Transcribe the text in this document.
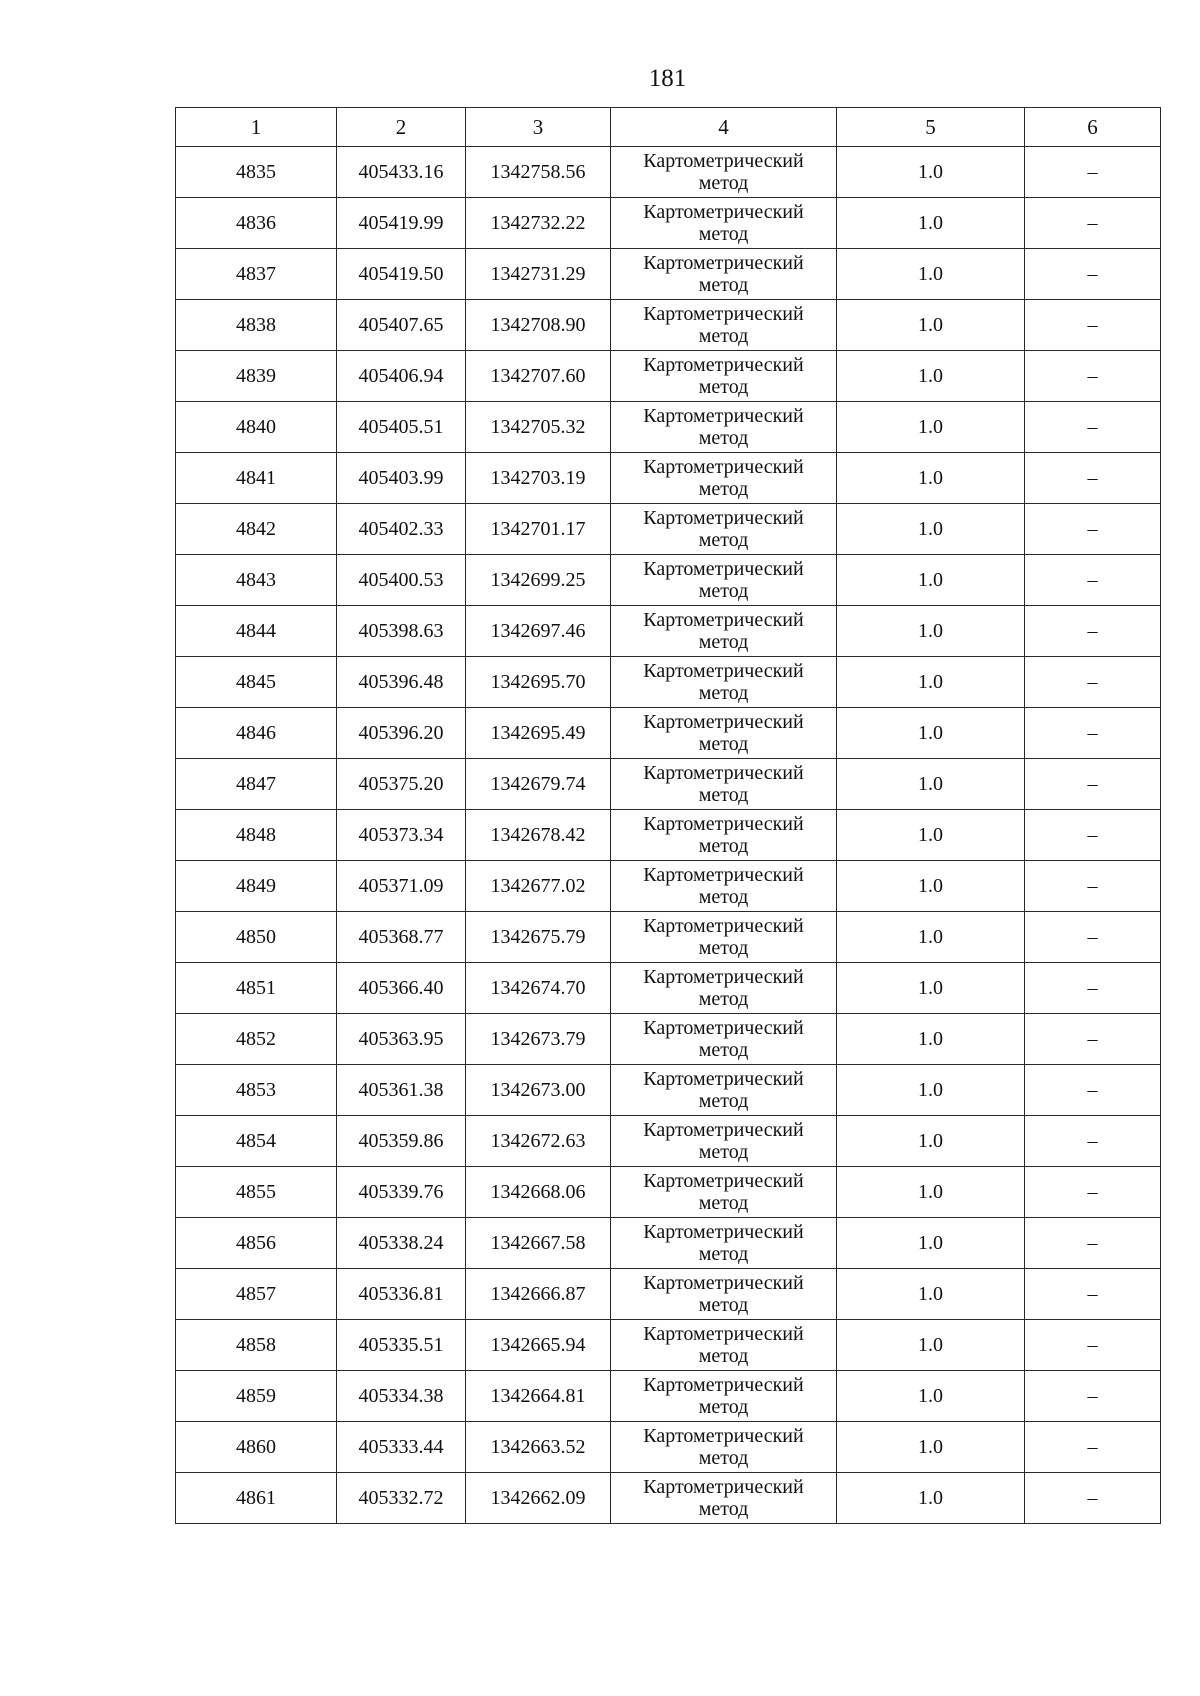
181
1	2	3	4	5	6
4835	405433.16	1342758.56	Картометрический
метод	1.0	–
4836	405419.99	1342732.22	Картометрический
метод	1.0	–
4837	405419.50	1342731.29	Картометрический
метод	1.0	–
4838	405407.65	1342708.90	Картометрический
метод	1.0	–
4839	405406.94	1342707.60	Картометрический
метод	1.0	–
4840	405405.51	1342705.32	Картометрический
метод	1.0	–
4841	405403.99	1342703.19	Картометрический
метод	1.0	–
4842	405402.33	1342701.17	Картометрический
метод	1.0	–
4843	405400.53	1342699.25	Картометрический
метод	1.0	–
4844	405398.63	1342697.46	Картометрический
метод	1.0	–
4845	405396.48	1342695.70	Картометрический
метод	1.0	–
4846	405396.20	1342695.49	Картометрический
метод	1.0	–
4847	405375.20	1342679.74	Картометрический
метод	1.0	–
4848	405373.34	1342678.42	Картометрический
метод	1.0	–
4849	405371.09	1342677.02	Картометрический
метод	1.0	–
4850	405368.77	1342675.79	Картометрический
метод	1.0	–
4851	405366.40	1342674.70	Картометрический
метод	1.0	–
4852	405363.95	1342673.79	Картометрический
метод	1.0	–
4853	405361.38	1342673.00	Картометрический
метод	1.0	–
4854	405359.86	1342672.63	Картометрический
метод	1.0	–
4855	405339.76	1342668.06	Картометрический
метод	1.0	–
4856	405338.24	1342667.58	Картометрический
метод	1.0	–
4857	405336.81	1342666.87	Картометрический
метод	1.0	–
4858	405335.51	1342665.94	Картометрический
метод	1.0	–
4859	405334.38	1342664.81	Картометрический
метод	1.0	–
4860	405333.44	1342663.52	Картометрический
метод	1.0	–
4861	405332.72	1342662.09	Картометрический
метод	1.0	–
